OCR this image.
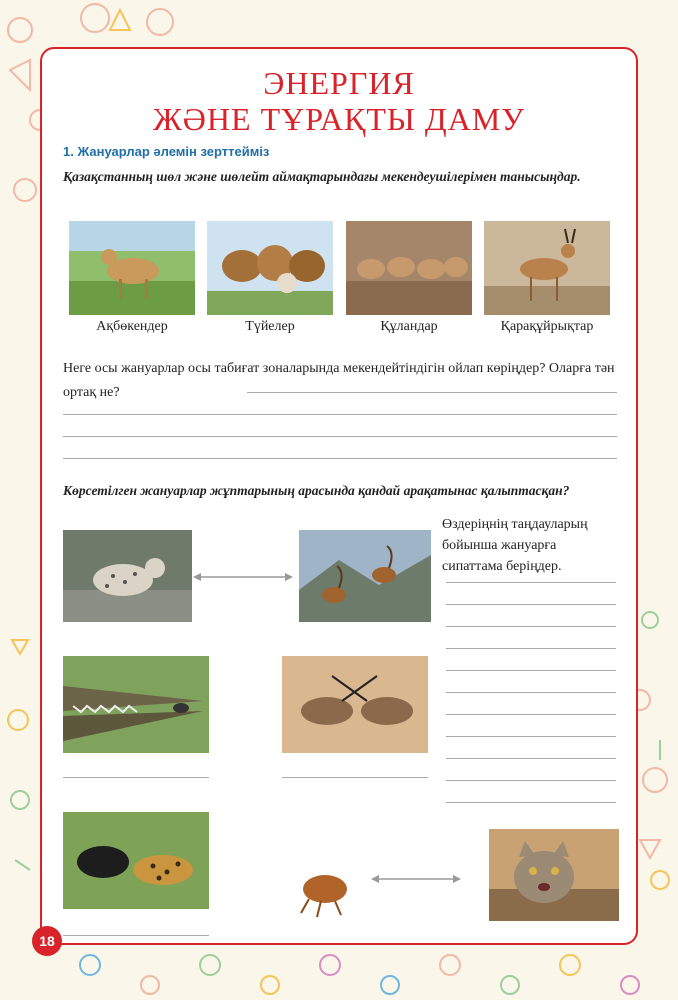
ЭНЕРГИЯ
ЖӘНЕ ТҰРАҚТЫ ДАМУ
1. Жануарлар әлемін зерттейміз
Қазақстанның шөл және шөлейт аймақтарындағы мекендеушілерімен танысыңдар.
Ақбөкендер	Түйелер	Құландар	Қарақұйрықтар
Неге осы жануарлар осы табиғат зоналарында мекендейтіндігін ойлап көріңдер? Оларға тән ортақ не?
Көрсетілген жануарлар жұптарының арасында қандай арақатынас қалыптасқан?
Өздеріңнің таңдауларың бойынша жануарға сипаттама беріңдер.
18
